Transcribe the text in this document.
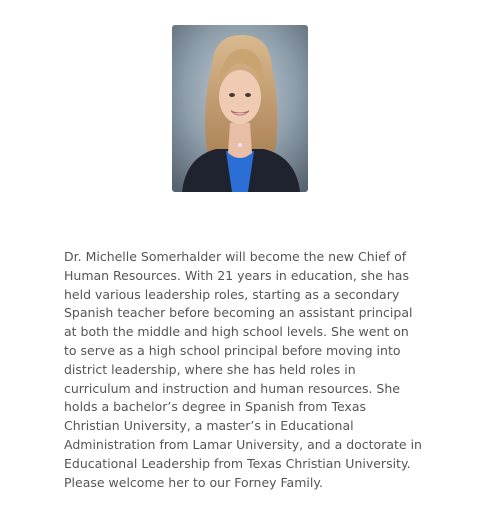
Dr. Michelle Somerhalder will become the new Chief of
Human Resources. With 21 years in education, she has
held various leadership roles, starting as a secondary
Spanish teacher before becoming an assistant principal
at both the middle and high school levels. She went on
to serve as a high school principal before moving into
district leadership, where she has held roles in
curriculum and instruction and human resources. She
holds a bachelor’s degree in Spanish from Texas
Christian University, a master’s in Educational
Administration from Lamar University, and a doctorate in
Educational Leadership from Texas Christian University.
Please welcome her to our Forney Family.
